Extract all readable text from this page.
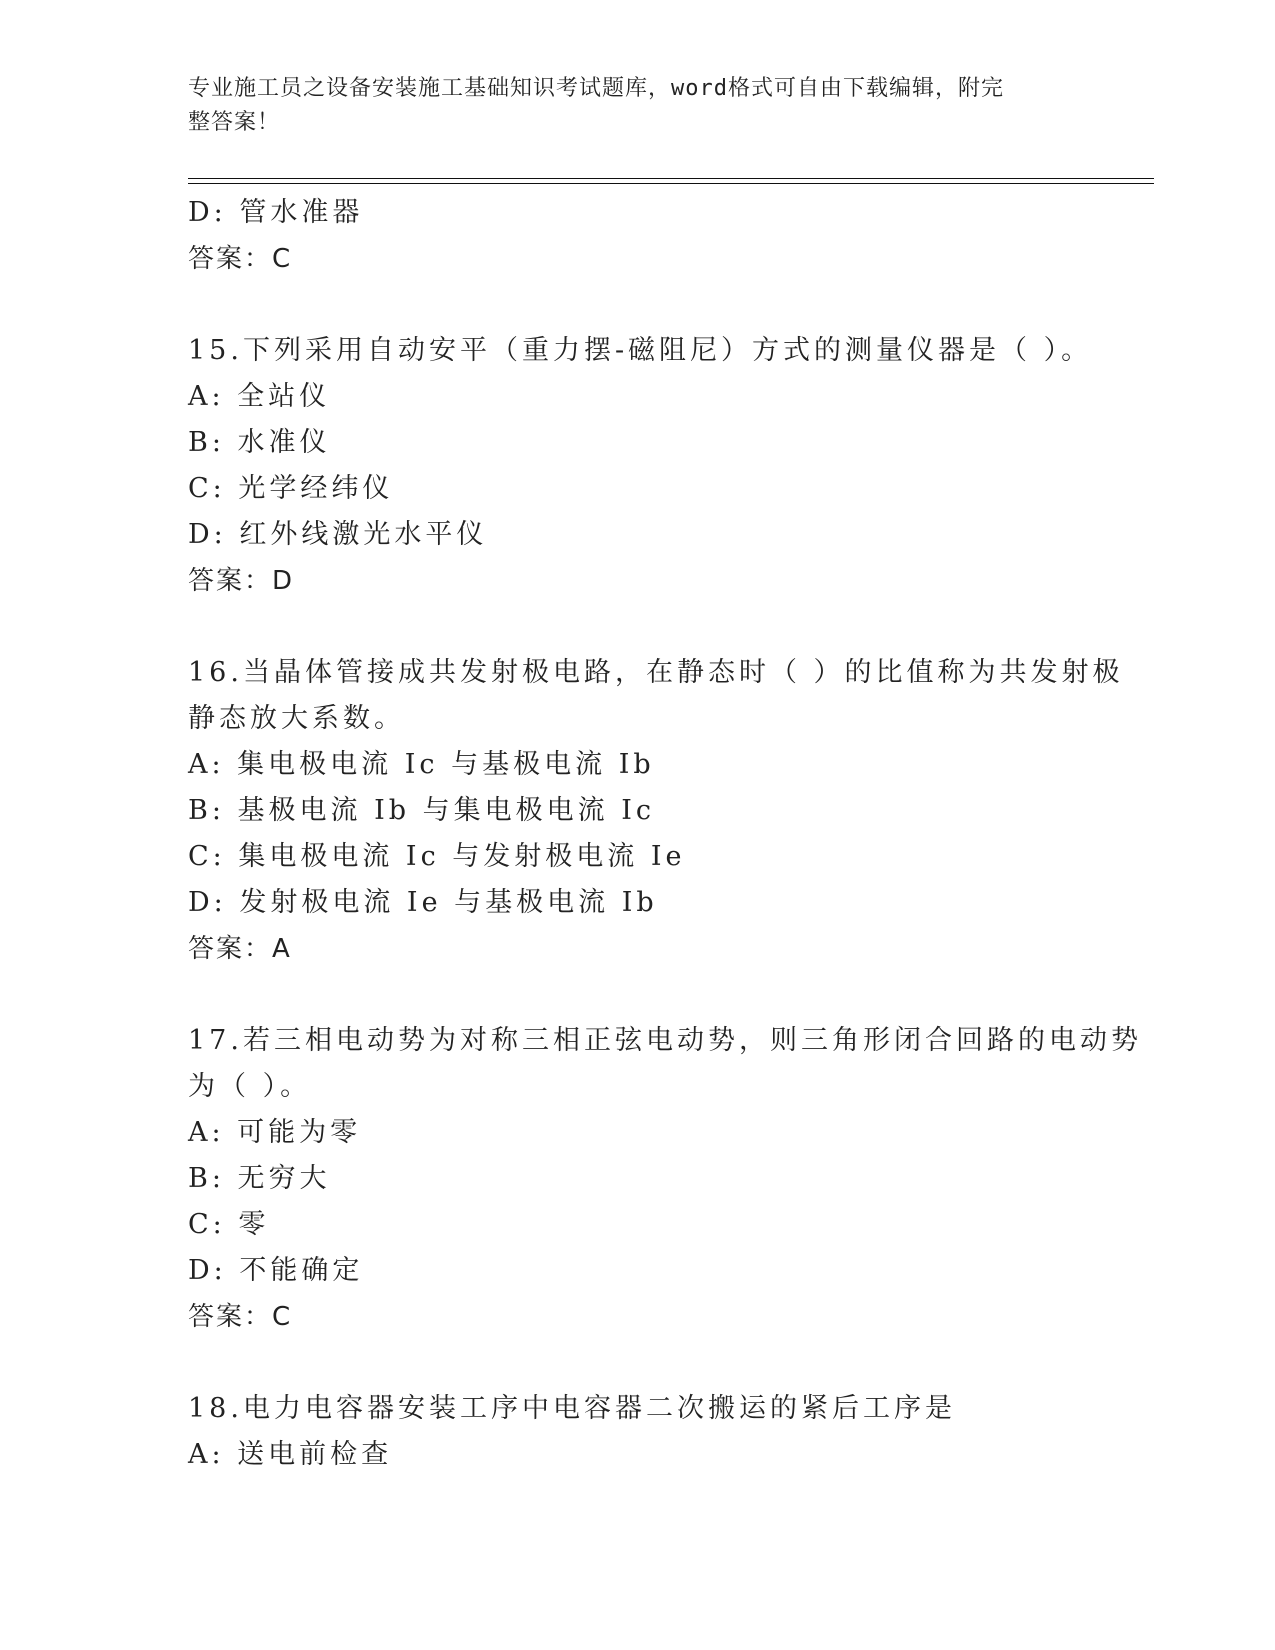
专业施工员之设备安装施工基础知识考试题库，word格式可自由下载编辑，附完
整答案！
D: 管水准器
答案：C
15.下列采用自动安平（重力摆-磁阻尼）方式的测量仪器是（ ）。
A: 全站仪
B: 水准仪
C: 光学经纬仪
D: 红外线激光水平仪
答案：D
16.当晶体管接成共发射极电路，在静态时（ ）的比值称为共发射极
静态放大系数。
A: 集电极电流 Ic 与基极电流 Ib
B: 基极电流 Ib 与集电极电流 Ic
C: 集电极电流 Ic 与发射极电流 Ie
D: 发射极电流 Ie 与基极电流 Ib
答案：A
17.若三相电动势为对称三相正弦电动势，则三角形闭合回路的电动势
为（ ）。
A: 可能为零
B: 无穷大
C: 零
D: 不能确定
答案：C
18.电力电容器安装工序中电容器二次搬运的紧后工序是
A: 送电前检查
